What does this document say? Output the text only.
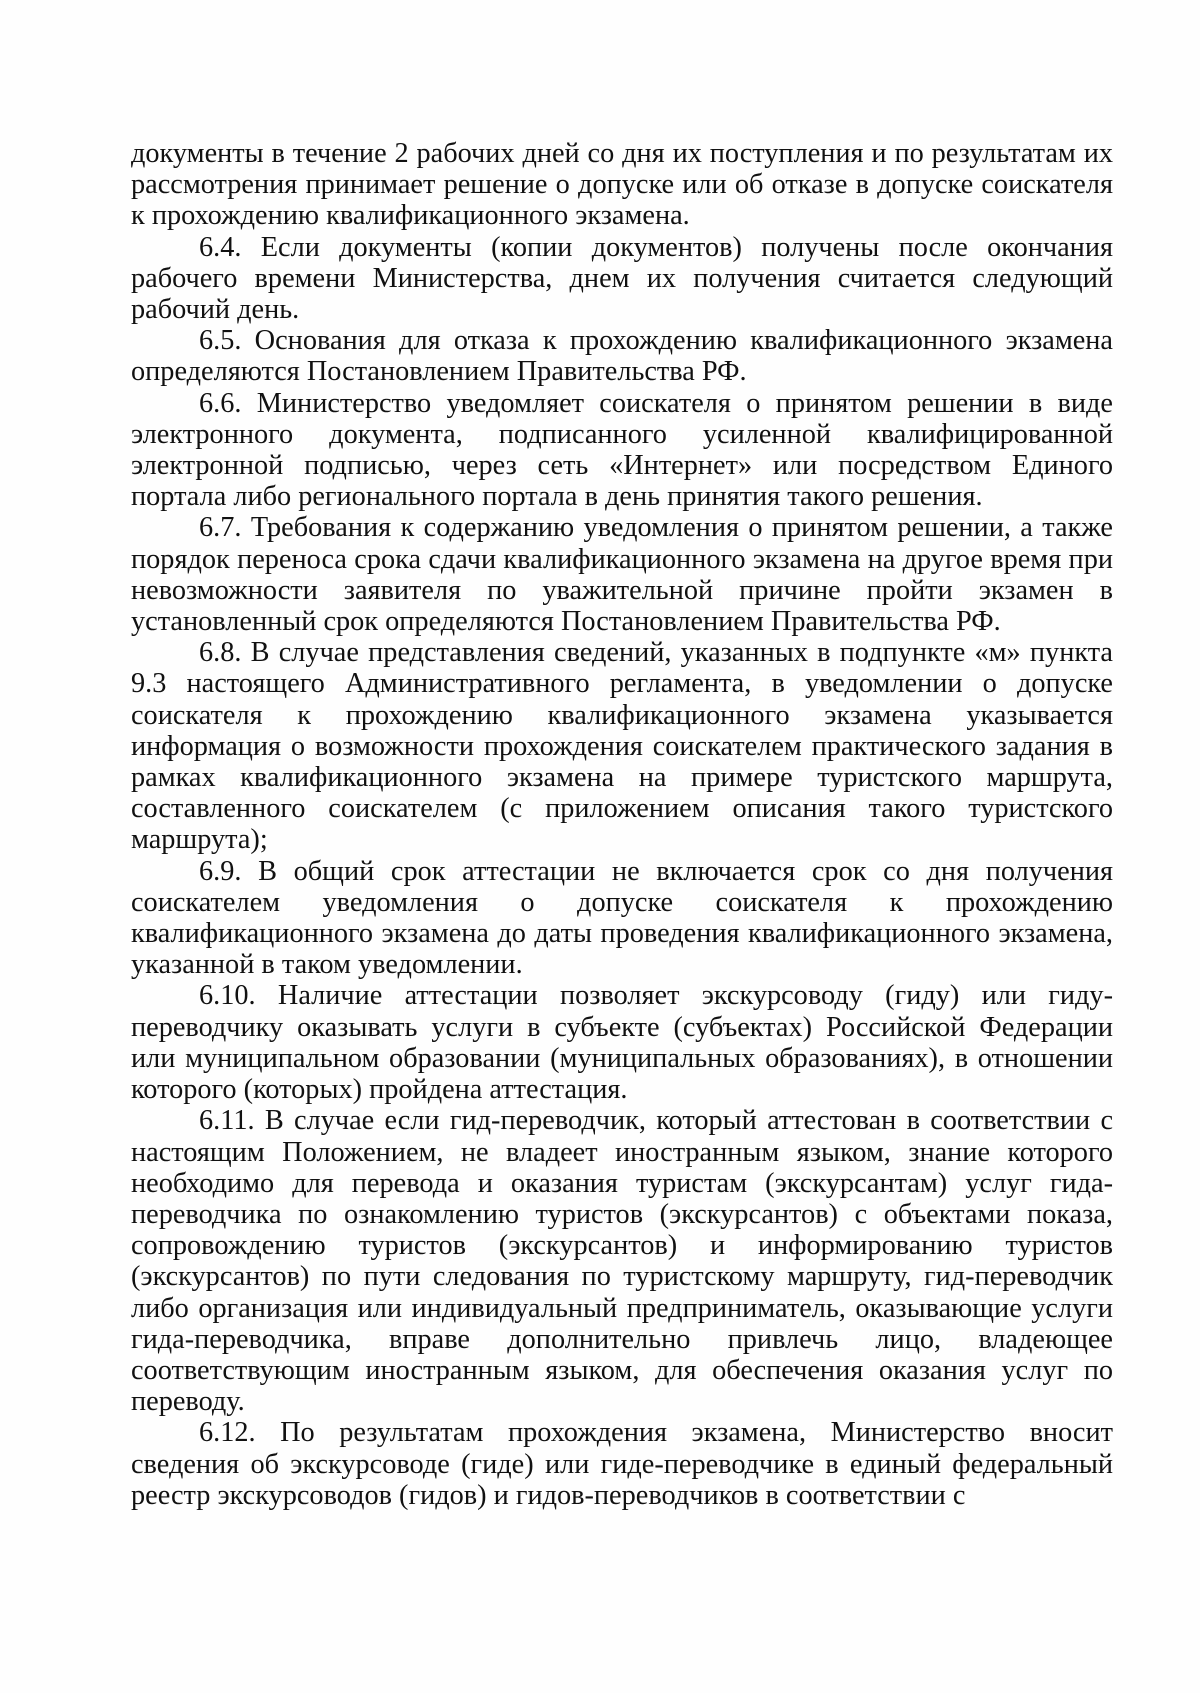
документы в течение 2 рабочих дней со дня их поступления и по результатам их рассмотрения принимает решение о допуске или об отказе в допуске соискателя к прохождению квалификационного экзамена.

6.4. Если документы (копии документов) получены после окончания рабочего времени Министерства, днем их получения считается следующий рабочий день.

6.5. Основания для отказа к прохождению квалификационного экзамена определяются Постановлением Правительства РФ.

6.6. Министерство уведомляет соискателя о принятом решении в виде электронного документа, подписанного усиленной квалифицированной электронной подписью, через сеть «Интернет» или посредством Единого портала либо регионального портала в день принятия такого решения.

6.7. Требования к содержанию уведомления о принятом решении, а также порядок переноса срока сдачи квалификационного экзамена на другое время при невозможности заявителя по уважительной причине пройти экзамен в установленный срок определяются Постановлением Правительства РФ.

6.8. В случае представления сведений, указанных в подпункте «м» пункта 9.3 настоящего Административного регламента, в уведомлении о допуске соискателя к прохождению квалификационного экзамена указывается информация о возможности прохождения соискателем практического задания в рамках квалификационного экзамена на примере туристского маршрута, составленного соискателем (с приложением описания такого туристского маршрута);

6.9. В общий срок аттестации не включается срок со дня получения соискателем уведомления о допуске соискателя к прохождению квалификационного экзамена до даты проведения квалификационного экзамена, указанной в таком уведомлении.

6.10. Наличие аттестации позволяет экскурсоводу (гиду) или гиду-переводчику оказывать услуги в субъекте (субъектах) Российской Федерации или муниципальном образовании (муниципальных образованиях), в отношении которого (которых) пройдена аттестация.

6.11. В случае если гид-переводчик, который аттестован в соответствии с настоящим Положением, не владеет иностранным языком, знание которого необходимо для перевода и оказания туристам (экскурсантам) услуг гида-переводчика по ознакомлению туристов (экскурсантов) с объектами показа, сопровождению туристов (экскурсантов) и информированию туристов (экскурсантов) по пути следования по туристскому маршруту, гид-переводчик либо организация или индивидуальный предприниматель, оказывающие услуги гида-переводчика, вправе дополнительно привлечь лицо, владеющее соответствующим иностранным языком, для обеспечения оказания услуг по переводу.

6.12. По результатам прохождения экзамена, Министерство вносит сведения об экскурсоводе (гиде) или гиде-переводчике в единый федеральный реестр экскурсоводов (гидов) и гидов-переводчиков в соответствии с
